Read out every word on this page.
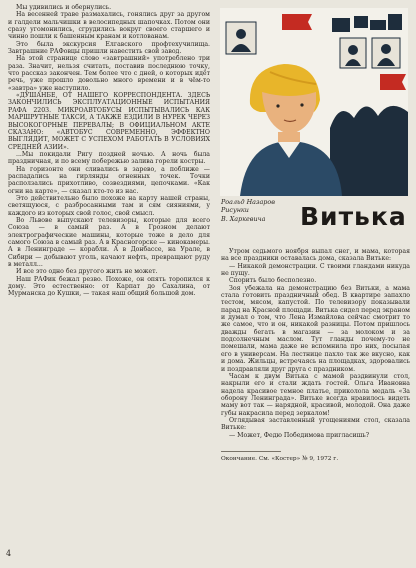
Мы удивились и обернулись.

На весенней траве размахались, гонялись друг за другом и галдели мальчишки в велосипедных шапочках. Потом они сразу угомонились, сгрудились вокруг своего старшего и чинно пошли к башенным кранам и котлованам.

Это была экскурсия Елгавского профтехучилища. Завтрашние РАФовцы пришли навестить свой завод.

На этой странице слово «завтрашний» употреблено три раза. Значит, нельзя считать, поставив последнюю точку, что рассказ закончен. Тем более что с дней, о которых идёт речь, уже прошло довольно много времени и в чём-то «завтра» уже наступило.

«ДУШАНБЕ, ОТ НАШЕГО КОРРЕСПОНДЕНТА. ЗДЕСЬ ЗАКОНЧИЛИСЬ ЭКСПЛУАТАЦИОННЫЕ ИСПЫТАНИЯ РАФА 2203. МИКРОАВТОБУСЫ ИСПЫТЫВАЛИСЬ КАК МАРШРУТНЫЕ ТАКСИ, А ТАКЖЕ ЕЗДИЛИ В НУРЕК ЧЕРЕЗ ВЫСОКОГОРНЫЕ ПЕРЕВАЛЫ; В ОФИЦИАЛЬНОМ АКТЕ СКАЗАНО: «АВТОБУС СОВРЕМЕННО, ЭФФЕКТНО ВЫГЛЯДИТ, МОЖЕТ С УСПЕХОМ РАБОТАТЬ В УСЛОВИЯХ СРЕДНЕЙ АЗИИ».

...Мы покидали Ригу поздней ночью. А ночь была праздничная, и по всему побережью залива горели костры.

На горизонте они сливались в зарево, а поближе — распадались на гирлянды огненных точек. Точки расползались прихотливо, созвездиями, цепочками. «Как огни на карте», — сказал кто-то из нас.

Это действительно было похоже на карту нашей страны, светящуюся, с разбросанными там и сям сияниями, у каждого из которых свой голос, свой смысл.

Во Львове выпускают телевизоры, которые для всего Союза — в самый раз. А в Грозном делают электрографические машины, которые тоже в дело для самого Союза в самый раз. А в Красногорске — кинокамеры. А в Ленинграде — корабли. А в Донбассе, на Урале, в Сибири — добывают уголь, качают нефть, превращают руду в металл...

И все это одно без другого жить не может.

Наш РАФик бежал резво. Похоже, он опять торопился к дому. Это естественно: от Карпат до Сахалина, от Мурманска до Кушки, — такая наш общий большой дом.

4
Роальд Назаров
Рисунки
В. Харкевича	Витька

Утром седьмого ноября выпал снег, и мама, которая на все праздники оставалась дома, сказала Витьке:

— Никакой демонстрации. С твоими гландами никуда не пущу.

Спорить было бесполезно.

Зоя убежала на демонстрацию без Витьки, а мама стала готовить праздничный обед. В квартире запахло тестом, мясом, капустой. По телевизору показывали парад на Красной площади. Витька сидел перед экраном и думал о том, что Лена Измайлова сейчас смотрит то же самое, что и он, никакой разницы. Потом пришлось дважды бегать в магазин — за молоком и за подсолнечным маслом. Тут гланды почему-то не помешали, мама даже не вспомнила про них, посылая его в универсам. На лестнице пахло так же вкусно, как и дома. Жильцы, встречаясь на площадках, здоровались и поздравляли друг друга с праздником.

Часам к двум Витька с мамой раздвинули стол, накрыли его и стали ждать гостей. Ольга Ивановна надела красивое темное платье, приколола медаль «За оборону Ленинграда». Витьке всегда нравилось видеть маму вот так — нарядной, красивой, молодой. Она даже губы накрасила перед зеркалом!

Оглядывая заставленный угощениями стол, сказала Витьке:

— Может, Федю Победимова пригласишь?

Окончание. См. «Костер» № 9, 1972 г.
